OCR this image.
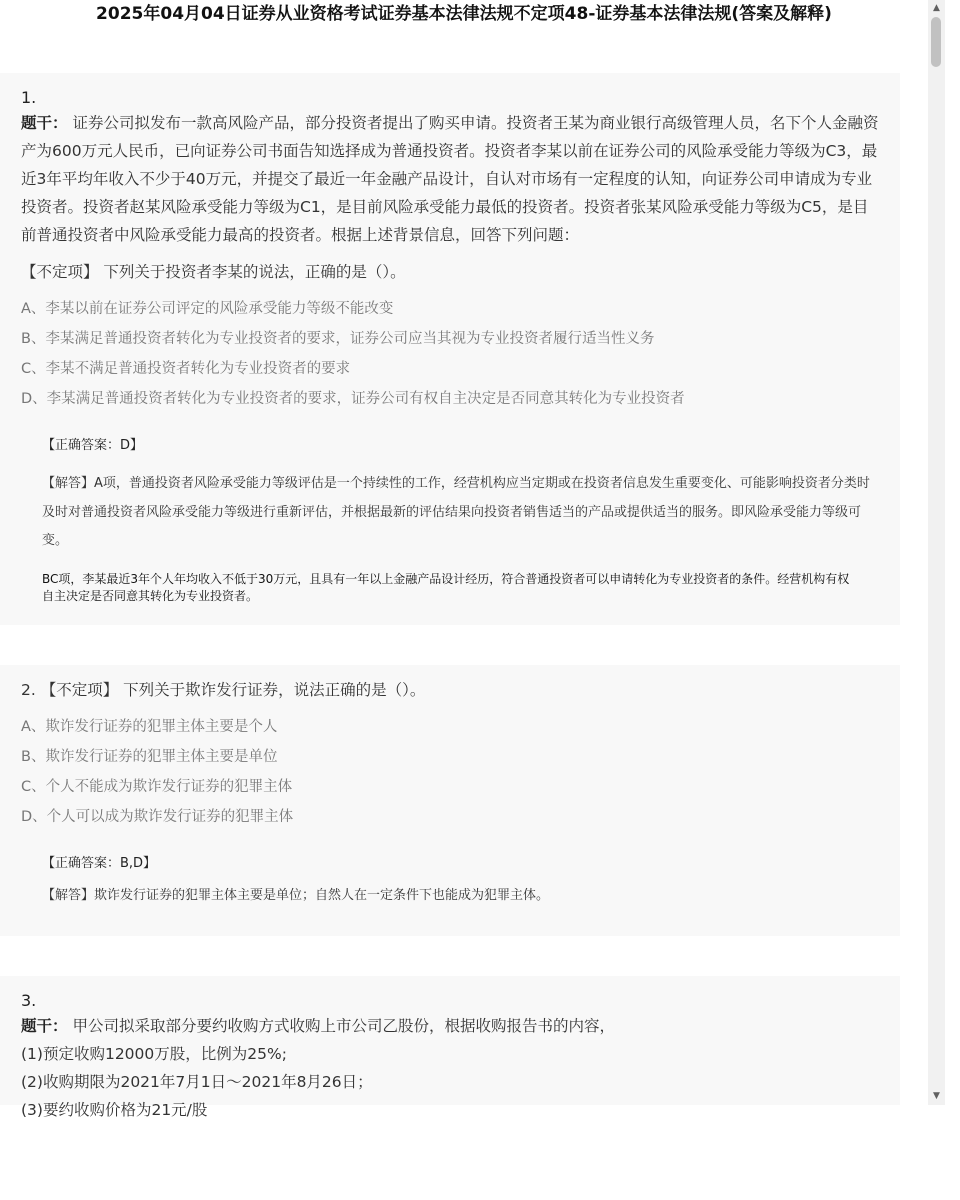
2025年04月04日证券从业资格考试证券基本法律法规不定项48-证券基本法律法规(答案及解释)
1.

题干： 证券公司拟发布一款高风险产品，部分投资者提出了购买申请。投资者王某为商业银行高级管理人员，名下个人金融资产为600万元人民币，已向证券公司书面告知选择成为普通投资者。投资者李某以前在证券公司的风险承受能力等级为C3，最近3年平均年收入不少于40万元，并提交了最近一年金融产品设计，自认对市场有一定程度的认知，向证券公司申请成为专业投资者。投资者赵某风险承受能力等级为C1，是目前风险承受能力最低的投资者。投资者张某风险承受能力等级为C5，是目前普通投资者中风险承受能力最高的投资者。根据上述背景信息，回答下列问题：

【不定项】 下列关于投资者李某的说法，正确的是（）。
A、李某以前在证券公司评定的风险承受能力等级不能改变
B、李某满足普通投资者转化为专业投资者的要求，证券公司应当其视为专业投资者履行适当性义务
C、李某不满足普通投资者转化为专业投资者的要求
D、李某满足普通投资者转化为专业投资者的要求，证券公司有权自主决定是否同意其转化为专业投资者
【正确答案：D】
【解答】A项，普通投资者风险承受能力等级评估是一个持续性的工作，经营机构应当定期或在投资者信息发生重要变化、可能影响投资者分类时及时对普通投资者风险承受能力等级进行重新评估，并根据最新的评估结果向投资者销售适当的产品或提供适当的服务。即风险承受能力等级可变。
BC项，李某最近3年个人年均收入不低于30万元，且具有一年以上金融产品设计经历，符合普通投资者可以申请转化为专业投资者的条件。经营机构有权自主决定是否同意其转化为专业投资者。
2. 【不定项】 下列关于欺诈发行证券，说法正确的是（）。
A、欺诈发行证券的犯罪主体主要是个人
B、欺诈发行证券的犯罪主体主要是单位
C、个人不能成为欺诈发行证券的犯罪主体
D、个人可以成为欺诈发行证券的犯罪主体
【正确答案：B,D】
【解答】欺诈发行证券的犯罪主体主要是单位；自然人在一定条件下也能成为犯罪主体。
3.

题干： 甲公司拟采取部分要约收购方式收购上市公司乙股份，根据收购报告书的内容，

(1)预定收购12000万股，比例为25%;
(2)收购期限为2021年7月1日～2021年8月26日；
(3)要约收购价格为21元/股
▲
▼
